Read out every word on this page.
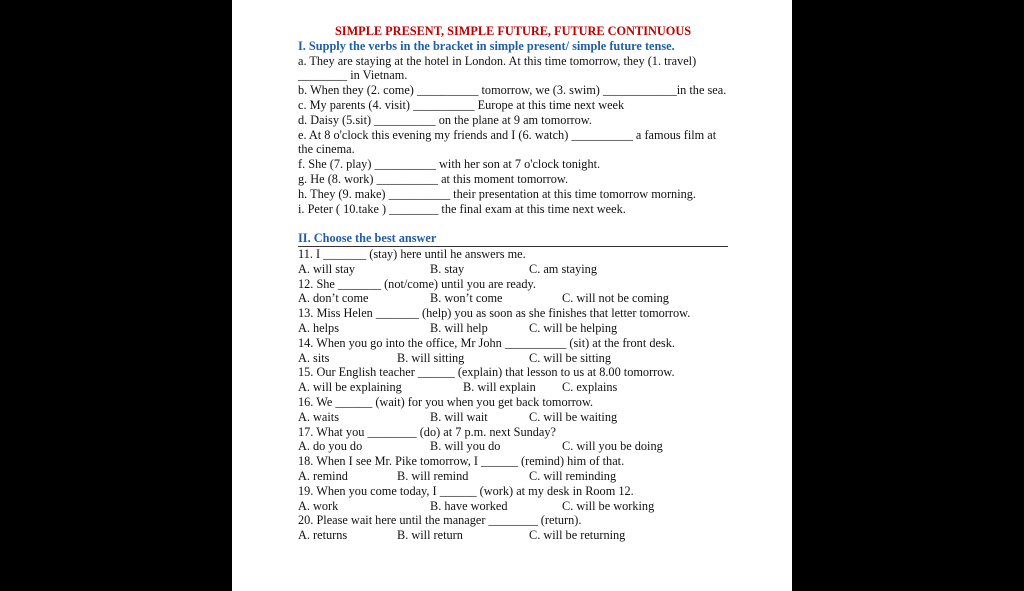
SIMPLE PRESENT, SIMPLE FUTURE, FUTURE CONTINUOUS

I. Supply the verbs in the bracket in simple present/ simple future tense.

a. They are staying at the hotel in London. At this time tomorrow, they (1. travel) ________ in Vietnam.

b. When they (2. come) __________ tomorrow, we (3. swim) ____________in the sea.

c. My parents (4. visit) __________ Europe at this time next week

d. Daisy (5.sit) __________ on the plane at 9 am tomorrow.

e. At 8 o'clock this evening my friends and I (6. watch) __________ a famous film at the cinema.

f. She (7. play) __________ with her son at 7 o'clock tonight.

g. He (8. work) __________ at this moment tomorrow.

h. They (9. make) __________ their presentation at this time tomorrow morning.

i. Peter ( 10.take ) ________ the final exam at this time next week.

II. Choose the best answer

11. I _______ (stay) here until he answers me.

A. will stay	B. stay	C. am staying

12. She _______ (not/come) until you are ready.

A. don’t come	B. won’t come	C. will not be coming

13. Miss Helen _______ (help) you as soon as she finishes that letter tomorrow.

A. helps	B. will help	C. will be helping

14. When you go into the office, Mr John __________ (sit) at the front desk.

A. sits	B. will sitting	C. will be sitting

15. Our English teacher ______ (explain) that lesson to us at 8.00 tomorrow.

A. will be explaining	B. will explain C. explains

16. We ______ (wait) for you when you get back tomorrow.

A. waits	B. will wait	C. will be waiting

17. What you ________ (do) at 7 p.m. next Sunday?

A. do you do	B. will you do	C. will you be doing

18. When I see Mr. Pike tomorrow, I ______ (remind) him of that.

A. remind	B. will remind	C. will reminding

19. When you come today, I ______ (work) at my desk in Room 12.

A. work	B. have worked	C. will be working

20. Please wait here until the manager ________ (return).

A. returns	B. will return	C. will be returning
